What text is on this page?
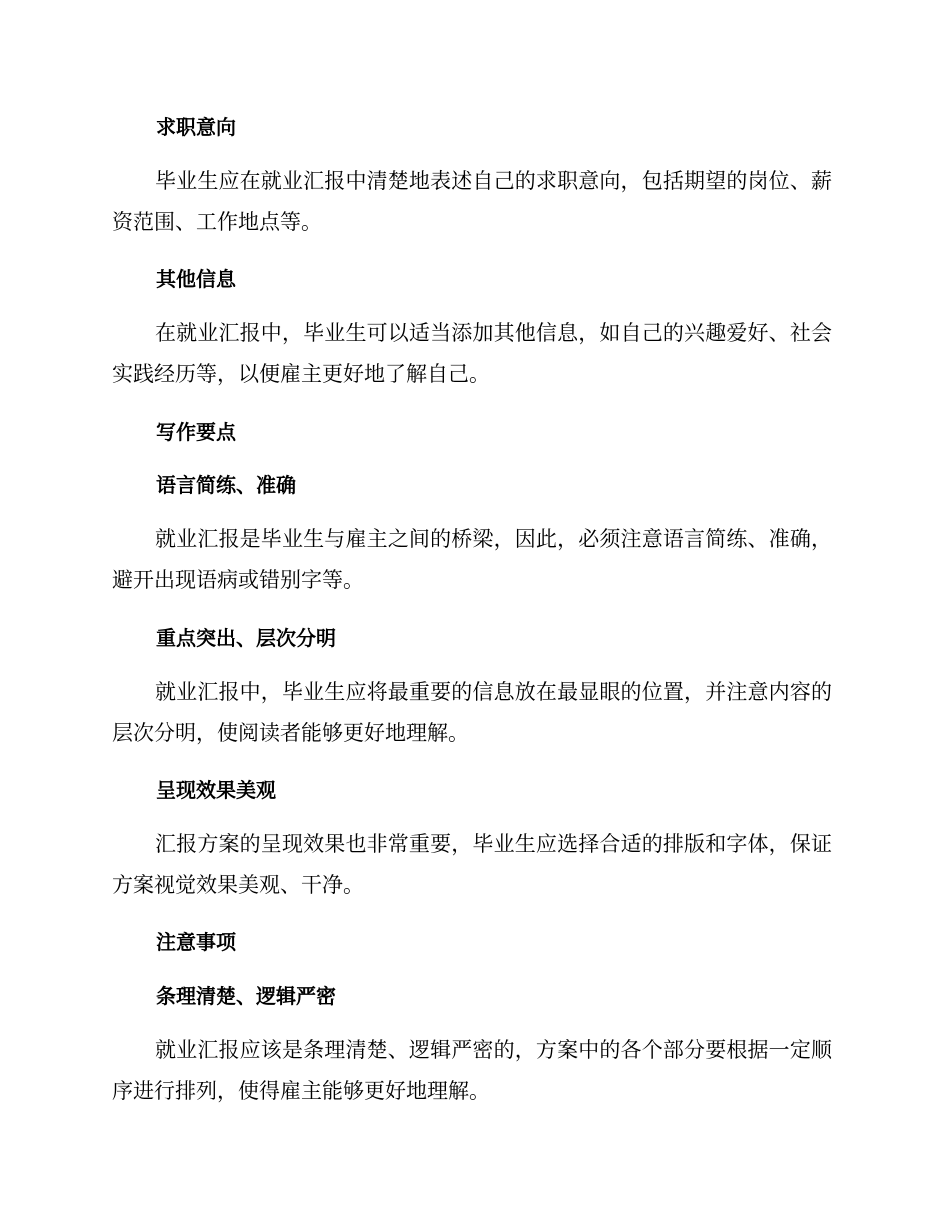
求职意向
毕业生应在就业汇报中清楚地表述自己的求职意向，包括期望的岗位、薪资范围、工作地点等。
其他信息
在就业汇报中，毕业生可以适当添加其他信息，如自己的兴趣爱好、社会实践经历等，以便雇主更好地了解自己。
写作要点
语言简练、准确
就业汇报是毕业生与雇主之间的桥梁，因此，必须注意语言简练、准确，避开出现语病或错别字等。
重点突出、层次分明
就业汇报中，毕业生应将最重要的信息放在最显眼的位置，并注意内容的层次分明，使阅读者能够更好地理解。
呈现效果美观
汇报方案的呈现效果也非常重要，毕业生应选择合适的排版和字体，保证方案视觉效果美观、干净。
注意事项
条理清楚、逻辑严密
就业汇报应该是条理清楚、逻辑严密的，方案中的各个部分要根据一定顺序进行排列，使得雇主能够更好地理解。
